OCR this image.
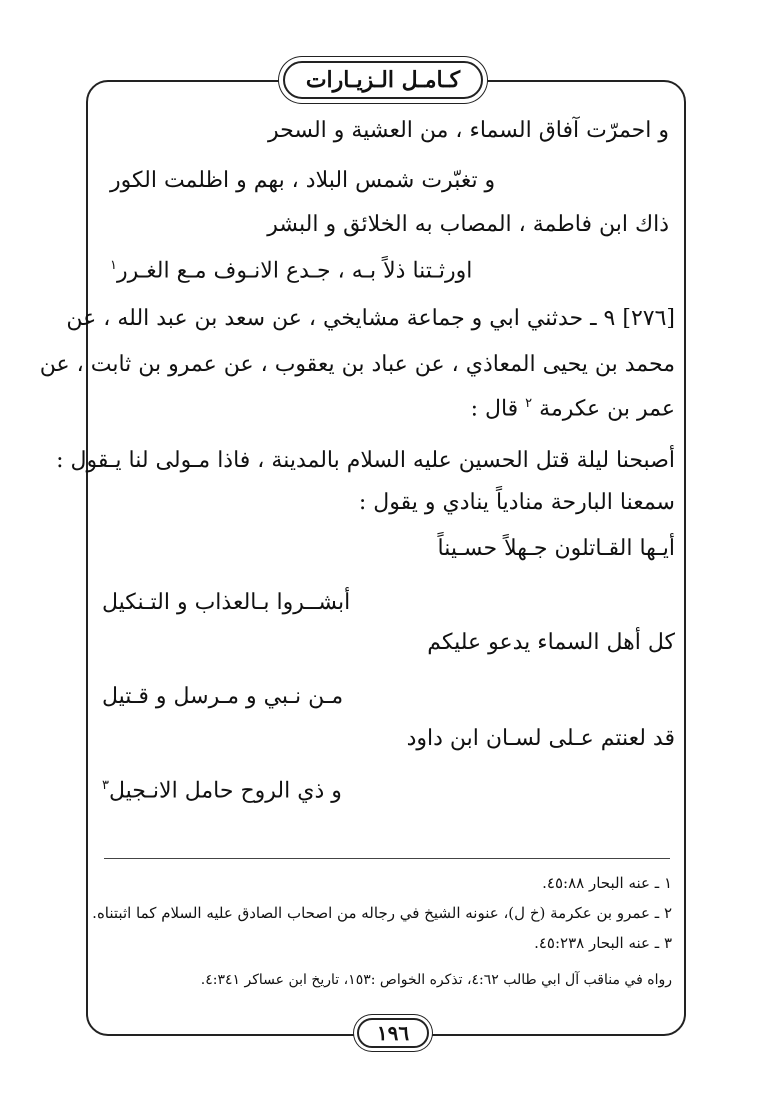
كـامـل الـزيـارات
و احمرّت آفاق السماء ، من العشية و السحر
و تغبّرت شمس البلاد ، بهم و اظلمت الكور
ذاك ابن فاطمة ، المصاب به الخلائق و البشر
اورثـتنا ذلاً بـه ، جـدع الانـوف مـع الغـرر$^١$
[٢٧٦] ٩ ـ حدثني ابي و جماعة مشايخي ، عن سعد بن عبد الله ، عن
محمد بن يحيى المعاذي ، عن عباد بن يعقوب ، عن عمرو بن ثابت ، عن
عمر بن عكرمة $^٢$ قال :
أصبحنا ليلة قتل الحسين عليه السلام بالمدينة ، فاذا مـولى لنا يـقول :
سمعنا البارحة منادياً ينادي و يقول :
أيـها القـاتلون جـهلاً حسـيناً
أبشــروا بـالعذاب و التـنكيل
كل أهل السماء يدعو عليكم
مـن نـبي و مـرسل و قـتيل
قد لعنتم عـلى لسـان ابن داود
و ذي الروح حامل الانـجيل$^٣$
١ ـ عنه البحار ٤٥:٨٨.
٢ ـ عمرو بن عكرمة (خ ل)، عنونه الشيخ في رجاله من اصحاب الصادق عليه السلام كما اثبتناه.
٣ ـ عنه البحار ٤٥:٢٣٨.
رواه في مناقب آل ابي طالب ٤:٦٢، تذكره الخواص :١٥٣، تاريخ ابن عساكر ٤:٣٤١.
١٩٦
